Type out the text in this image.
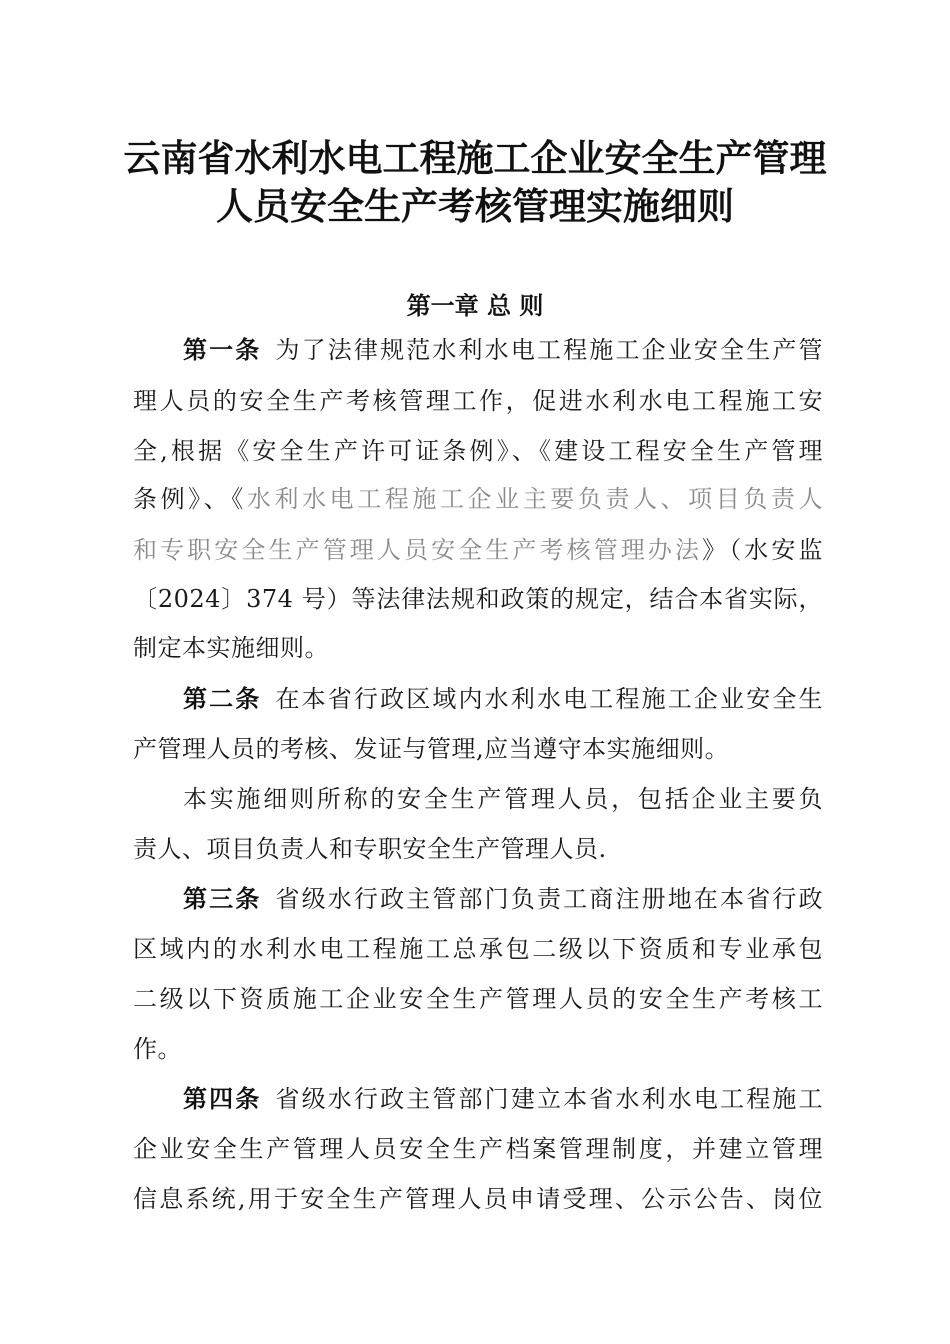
云南省水利水电工程施工企业安全生产管理
人员安全生产考核管理实施细则
第一章 总 则
第一条 为了法律规范水利水电工程施工企业安全生产管
理人员的安全生产考核管理工作，促进水利水电工程施工安
全,根据《安全生产许可证条例》、《建设工程安全生产管理
条例》、《水利水电工程施工企业主要负责人、项目负责人
和专职安全生产管理人员安全生产考核管理办法》（水安监
〔2024〕374 号）等法律法规和政策的规定，结合本省实际，
制定本实施细则。
第二条 在本省行政区域内水利水电工程施工企业安全生
产管理人员的考核、发证与管理,应当遵守本实施细则。
本实施细则所称的安全生产管理人员，包括企业主要负
责人、项目负责人和专职安全生产管理人员.
第三条 省级水行政主管部门负责工商注册地在本省行政
区域内的水利水电工程施工总承包二级以下资质和专业承包
二级以下资质施工企业安全生产管理人员的安全生产考核工
作。
第四条 省级水行政主管部门建立本省水利水电工程施工
企业安全生产管理人员安全生产档案管理制度，并建立管理
信息系统,用于安全生产管理人员申请受理、公示公告、岗位
